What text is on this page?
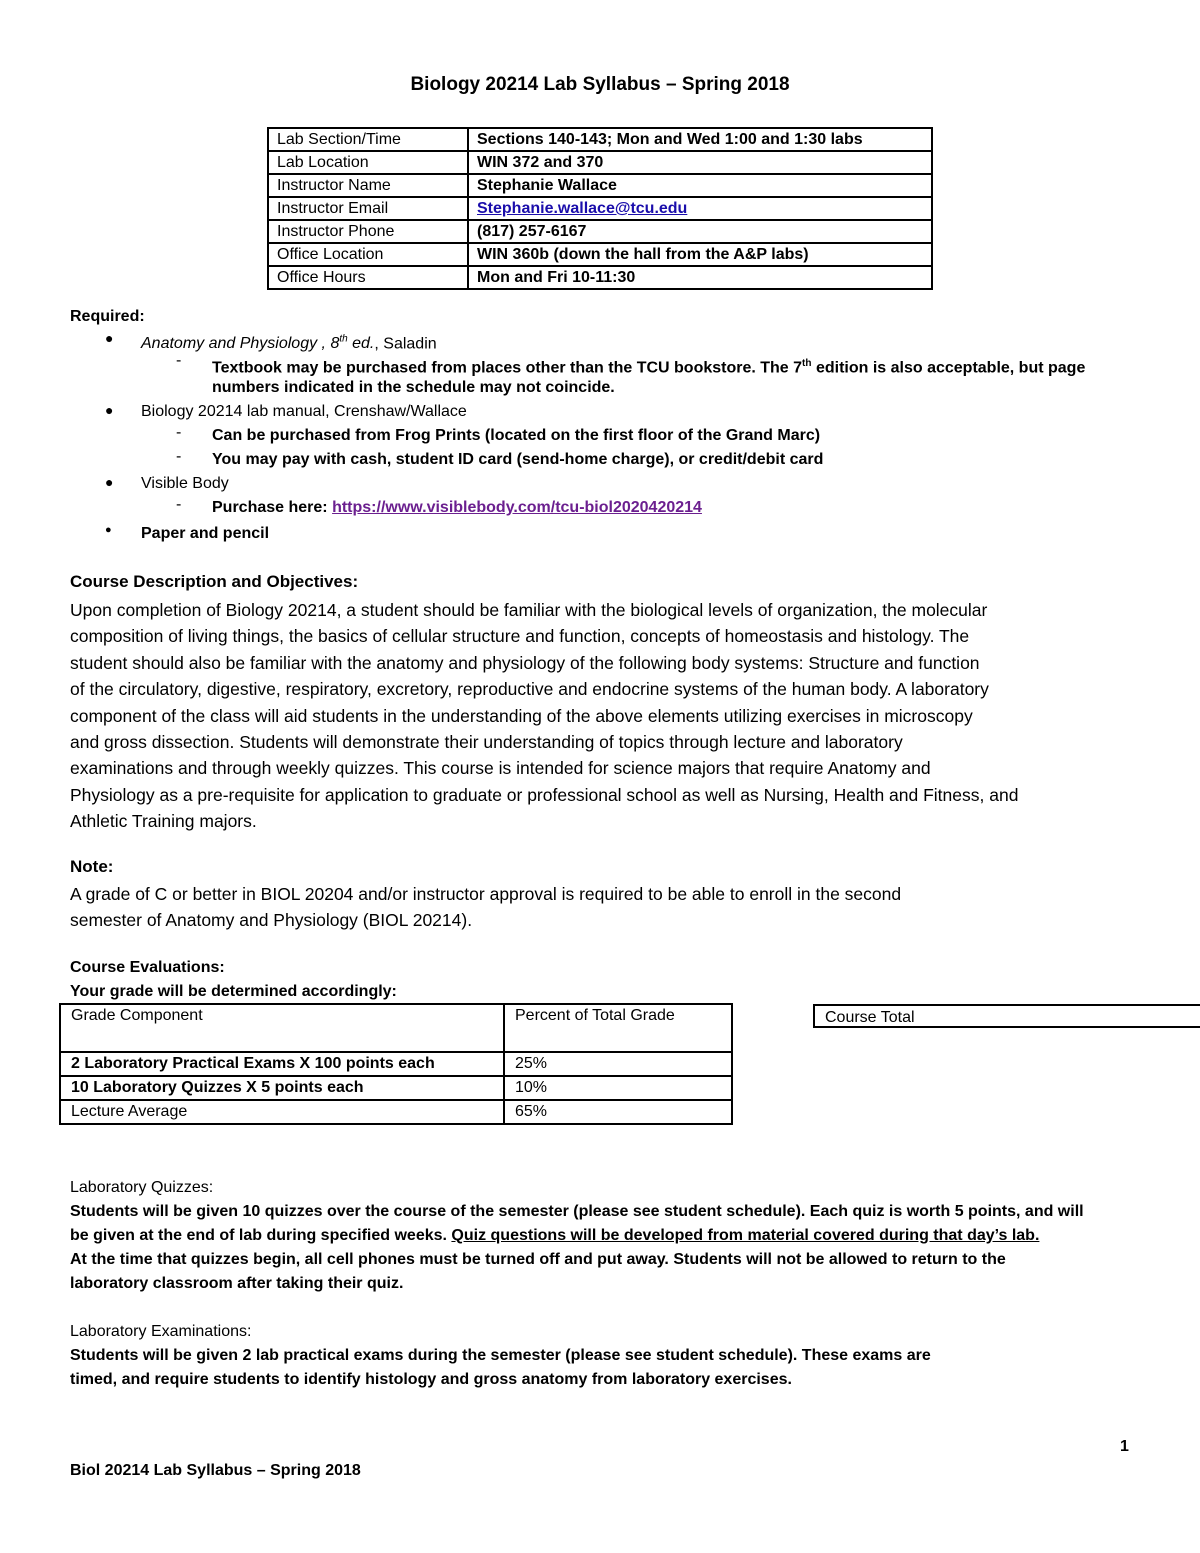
Biology 20214 Lab Syllabus – Spring 2018
Lab Section/Time	Sections 140-143; Mon and Wed 1:00 and 1:30 labs
Lab Location	WIN 372 and 370
Instructor Name	Stephanie Wallace
Instructor Email	Stephanie.wallace@tcu.edu
Instructor Phone	(817) 257-6167
Office Location	WIN 360b (down the hall from the A&P labs)
Office Hours	Mon and Fri 10-11:30
Required:
● Anatomy and Physiology , 8th ed., Saladin
- Textbook may be purchased from places other than the TCU bookstore. The 7th edition is also acceptable, but page
numbers indicated in the schedule may not coincide.
● Biology 20214 lab manual, Crenshaw/Wallace
- Can be purchased from Frog Prints (located on the first floor of the Grand Marc)
- You may pay with cash, student ID card (send-home charge), or credit/debit card
● Visible Body
- Purchase here: https://www.visiblebody.com/tcu-biol2020420214
● Paper and pencil
Course Description and Objectives:
Upon completion of Biology 20214, a student should be familiar with the biological levels of organization, the molecular
composition of living things, the basics of cellular structure and function, concepts of homeostasis and histology. The
student should also be familiar with the anatomy and physiology of the following body systems: Structure and function
of the circulatory, digestive, respiratory, excretory, reproductive and endocrine systems of the human body. A laboratory
component of the class will aid students in the understanding of the above elements utilizing exercises in microscopy
and gross dissection. Students will demonstrate their understanding of topics through lecture and laboratory
examinations and through weekly quizzes. This course is intended for science majors that require Anatomy and
Physiology as a pre-requisite for application to graduate or professional school as well as Nursing, Health and Fitness, and
Athletic Training majors.
Note:
A grade of C or better in BIOL 20204 and/or instructor approval is required to be able to enroll in the second
semester of Anatomy and Physiology (BIOL 20214).
Course Evaluations:
Your grade will be determined accordingly:
Grade Component	Percent of Total Grade
2 Laboratory Practical Exams X 100 points each	25%
10 Laboratory Quizzes X 5 points each	10%
Lecture Average	65%
Course Total
Laboratory Quizzes:
Students will be given 10 quizzes over the course of the semester (please see student schedule). Each quiz is worth 5 points, and will
be given at the end of lab during specified weeks. Quiz questions will be developed from material covered during that day’s lab.
At the time that quizzes begin, all cell phones must be turned off and put away. Students will not be allowed to return to the
laboratory classroom after taking their quiz.
Laboratory Examinations:
Students will be given 2 lab practical exams during the semester (please see student schedule). These exams are
timed, and require students to identify histology and gross anatomy from laboratory exercises.
1
Biol 20214 Lab Syllabus – Spring 2018
